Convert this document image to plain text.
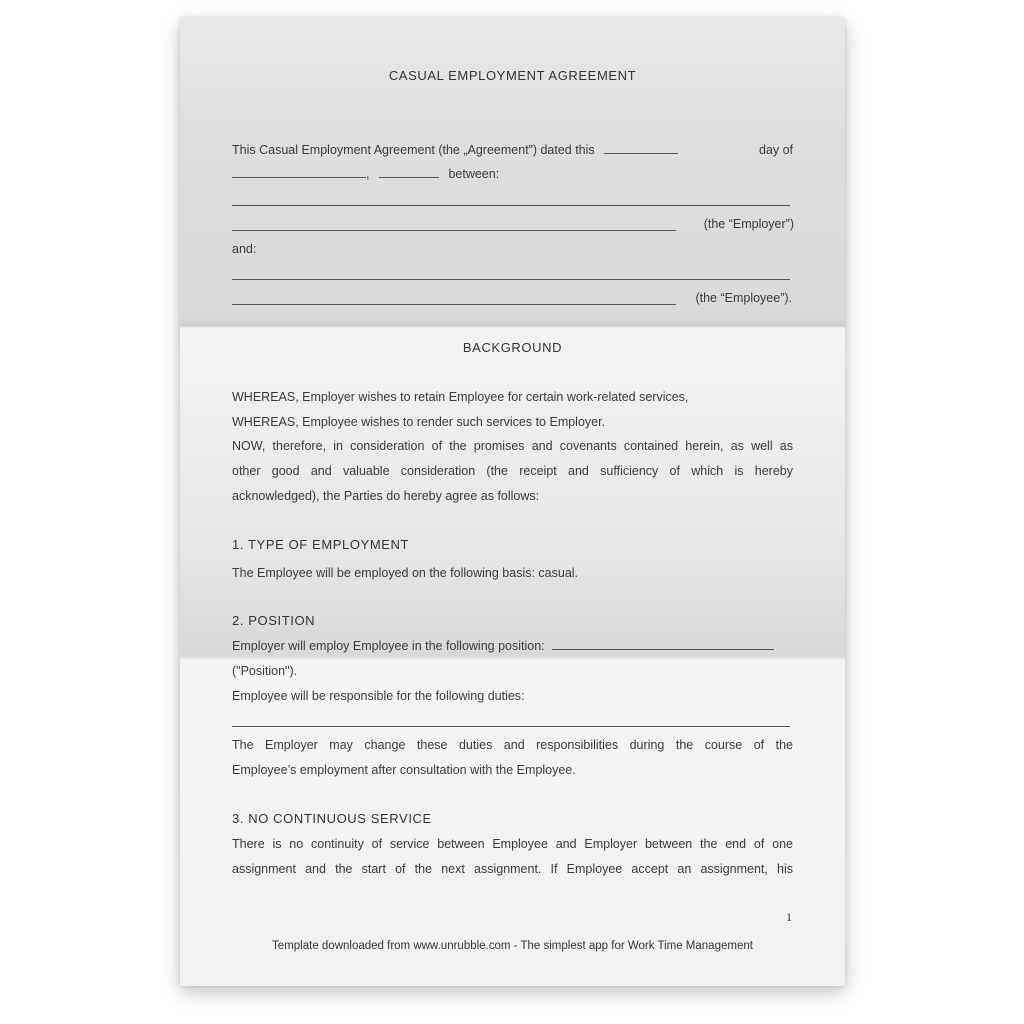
CASUAL EMPLOYMENT AGREEMENT
This Casual Employment Agreement (the „Agreement”) dated this	day of
,	between:
(the “Employer”)
and:
(the “Employee”).
BACKGROUND
WHEREAS, Employer wishes to retain Employee for certain work-related services,
WHEREAS, Employee wishes to render such services to Employer.
NOW, therefore, in consideration of the promises and covenants contained herein, as well as
other good and valuable consideration (the receipt and sufficiency of which is hereby
acknowledged), the Parties do hereby agree as follows:
1. TYPE OF EMPLOYMENT
The Employee will be employed on the following basis: casual.
2. POSITION
Employer will employ Employee in the following position:
("Position").
Employee will be responsible for the following duties:
The Employer may change these duties and responsibilities during the course of the
Employee’s employment after consultation with the Employee.
3. NO CONTINUOUS SERVICE
There is no continuity of service between Employee and Employer between the end of one
assignment and the start of the next assignment. If Employee accept an assignment, his
1
Template downloaded from www.unrubble.com - The simplest app for Work Time Management
